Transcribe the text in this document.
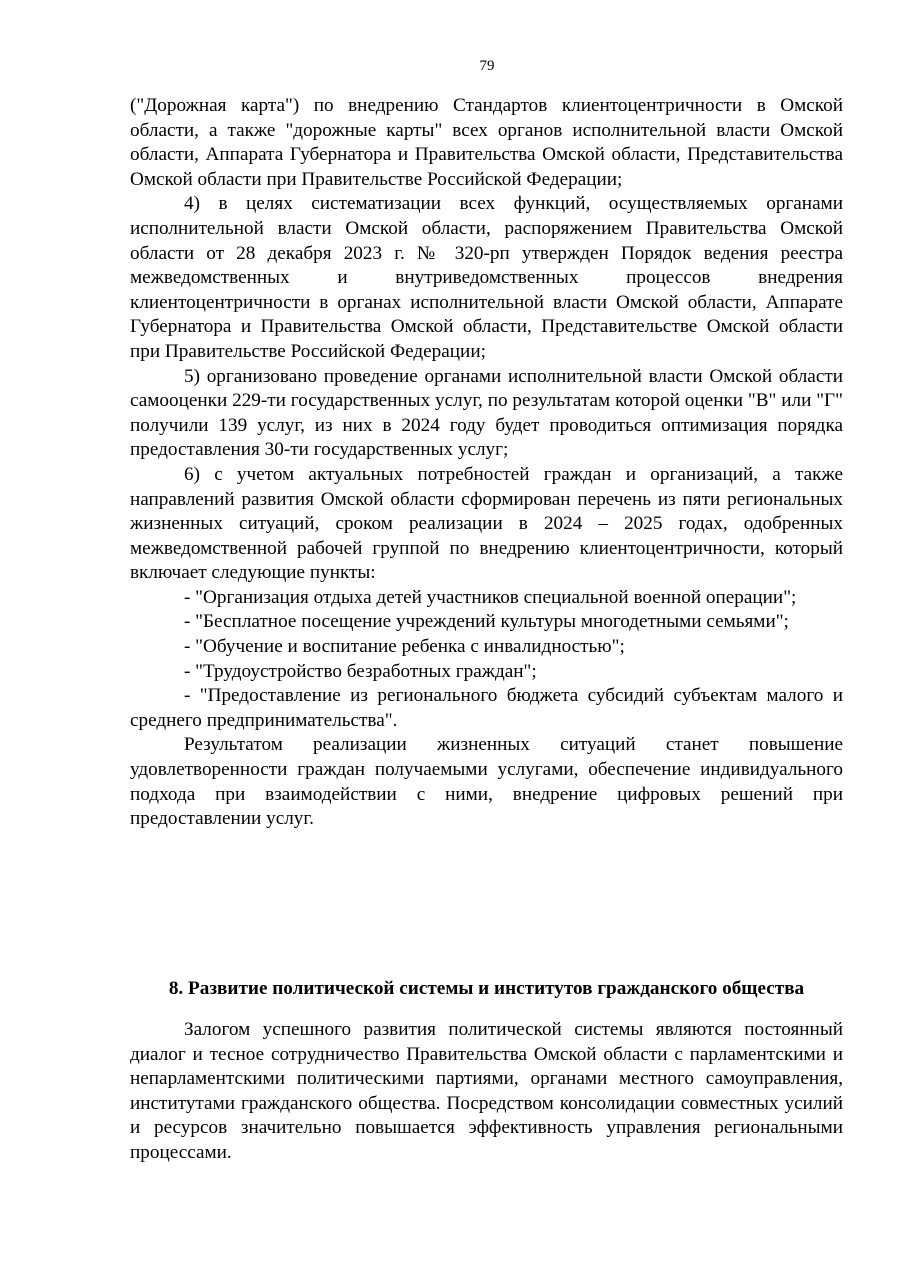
79

("Дорожная карта") по внедрению Стандартов клиентоцентричности в Омской области, а также "дорожные карты" всех органов исполнительной власти Омской области, Аппарата Губернатора и Правительства Омской области, Представительства Омской области при Правительстве Российской Федерации;

4) в целях систематизации всех функций, осуществляемых органами исполнительной власти Омской области, распоряжением Правительства Омской области от 28 декабря 2023 г. № 320-рп утвержден Порядок ведения реестра межведомственных и внутриведомственных процессов внедрения клиентоцентричности в органах исполнительной власти Омской области, Аппарате Губернатора и Правительства Омской области, Представительстве Омской области при Правительстве Российской Федерации;

5) организовано проведение органами исполнительной власти Омской области самооценки 229-ти государственных услуг, по результатам которой оценки "В" или "Г" получили 139 услуг, из них в 2024 году будет проводиться оптимизация порядка предоставления 30-ти государственных услуг;

6) с учетом актуальных потребностей граждан и организаций, а также направлений развития Омской области сформирован перечень из пяти региональных жизненных ситуаций, сроком реализации в 2024 – 2025 годах, одобренных межведомственной рабочей группой по внедрению клиентоцентричности, который включает следующие пункты:

- "Организация отдыха детей участников специальной военной операции";

- "Бесплатное посещение учреждений культуры многодетными семьями";

- "Обучение и воспитание ребенка с инвалидностью";

- "Трудоустройство безработных граждан";

- "Предоставление из регионального бюджета субсидий субъектам малого и среднего предпринимательства".

Результатом реализации жизненных ситуаций станет повышение удовлетворенности граждан получаемыми услугами, обеспечение индивидуального подхода при взаимодействии с ними, внедрение цифровых решений при предоставлении услуг.

8. Развитие политической системы и институтов гражданского общества

Залогом успешного развития политической системы являются постоянный диалог и тесное сотрудничество Правительства Омской области с парламентскими и непарламентскими политическими партиями, органами местного самоуправления, институтами гражданского общества. Посредством консолидации совместных усилий и ресурсов значительно повышается эффективность управления региональными процессами.
